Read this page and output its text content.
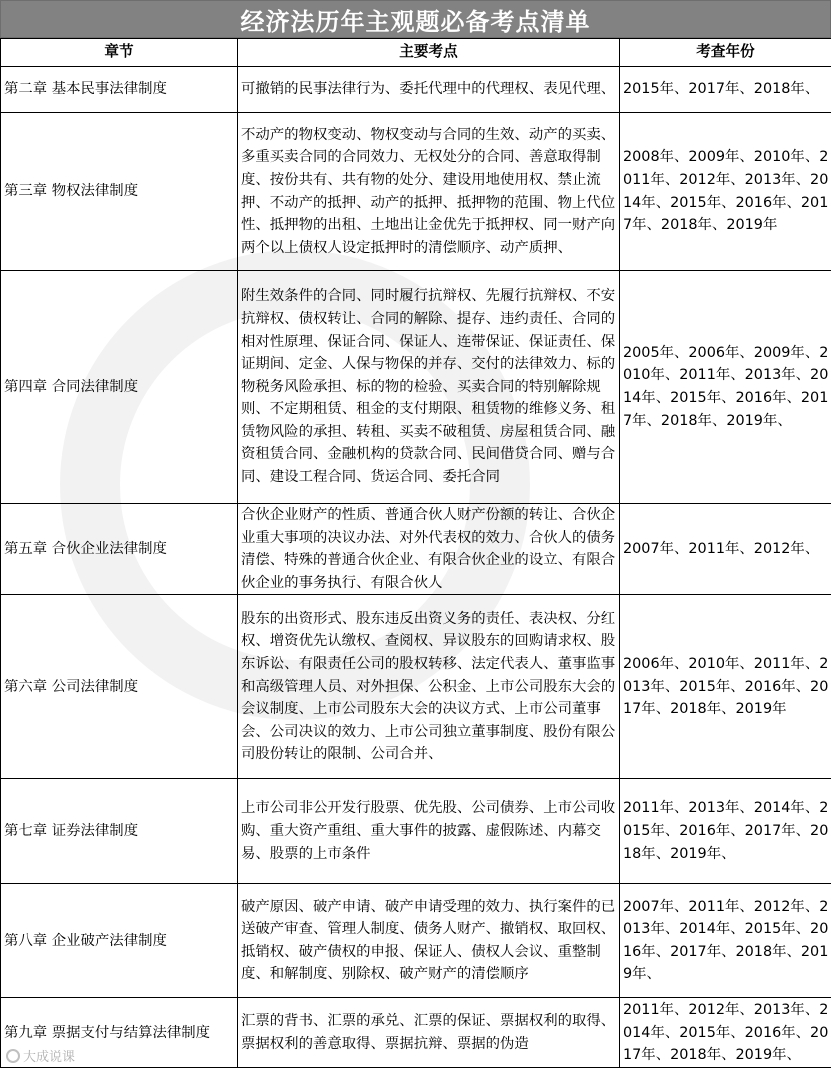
经济法历年主观题必备考点清单
章节	主要考点	考查年份
第二章 基本民事法律制度	可撤销的民事法律行为、委托代理中的代理权、表见代理、	2015年、2017年、2018年、
第三章 物权法律制度	不动产的物权变动、物权变动与合同的生效、动产的买卖、多重买卖合同的合同效力、无权处分的合同、善意取得制度、按份共有、共有物的处分、建设用地使用权、禁止流押、不动产的抵押、动产的抵押、抵押物的范围、物上代位性、抵押物的出租、土地出让金优先于抵押权、同一财产向两个以上债权人设定抵押时的清偿顺序、动产质押、	2008年、2009年、2010年、2011年、2012年、2013年、2014年、2015年、2016年、2017年、2018年、2019年
第四章 合同法律制度	附生效条件的合同、同时履行抗辩权、先履行抗辩权、不安抗辩权、债权转让、合同的解除、提存、违约责任、合同的相对性原理、保证合同、保证人、连带保证、保证责任、保证期间、定金、人保与物保的并存、交付的法律效力、标的物税务风险承担、标的物的检验、买卖合同的特别解除规则、不定期租赁、租金的支付期限、租赁物的维修义务、租赁物风险的承担、转租、买卖不破租赁、房屋租赁合同、融资租赁合同、金融机构的贷款合同、民间借贷合同、赠与合同、建设工程合同、货运合同、委托合同	2005年、2006年、2009年、2010年、2011年、2013年、2014年、2015年、2016年、2017年、2018年、2019年、
第五章 合伙企业法律制度	合伙企业财产的性质、普通合伙人财产份额的转让、合伙企业重大事项的决议办法、对外代表权的效力、合伙人的债务清偿、特殊的普通合伙企业、有限合伙企业的设立、有限合伙企业的事务执行、有限合伙人	2007年、2011年、2012年、
第六章 公司法律制度	股东的出资形式、股东违反出资义务的责任、表决权、分红权、增资优先认缴权、查阅权、异议股东的回购请求权、股东诉讼、有限责任公司的股权转移、法定代表人、董事监事和高级管理人员、对外担保、公积金、上市公司股东大会的会议制度、上市公司股东大会的决议方式、上市公司董事会、公司决议的效力、上市公司独立董事制度、股份有限公司股份转让的限制、公司合并、	2006年、2010年、2011年、2013年、2015年、2016年、2017年、2018年、2019年
第七章 证券法律制度	上市公司非公开发行股票、优先股、公司债券、上市公司收购、重大资产重组、重大事件的披露、虚假陈述、内幕交易、股票的上市条件	2011年、2013年、2014年、2015年、2016年、2017年、2018年、2019年、
第八章 企业破产法律制度	破产原因、破产申请、破产申请受理的效力、执行案件的已送破产审查、管理人制度、债务人财产、撤销权、取回权、抵销权、破产债权的申报、保证人、债权人会议、重整制度、和解制度、别除权、破产财产的清偿顺序	2007年、2011年、2012年、2013年、2014年、2015年、2016年、2017年、2018年、2019年、
第九章 票据支付与结算法律制度	汇票的背书、汇票的承兑、汇票的保证、票据权利的取得、票据权利的善意取得、票据抗辩、票据的伪造	2011年、2012年、2013年、2014年、2015年、2016年、2017年、2018年、2019年、
大成说课
